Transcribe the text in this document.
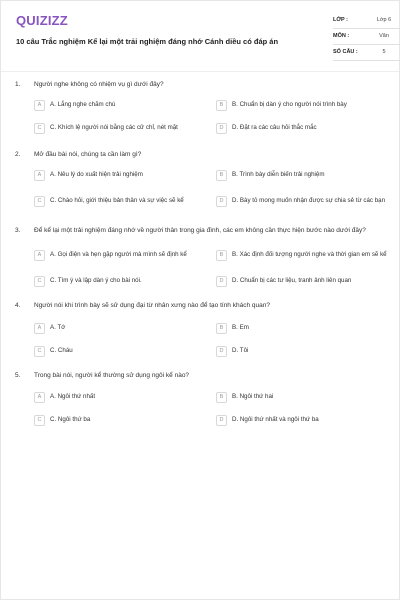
QUIZIZZ
10 câu Trắc nghiệm Kể lại một trải nghiệm đáng nhớ Cánh diều có đáp án
LỚP :	Lớp 6
MÔN :	Văn
SỐ CÂU :	5
1. Người nghe không có nhiệm vụ gì dưới đây?
A	A. Lắng nghe chăm chú	B	B. Chuẩn bị dàn ý cho người nói trình bày
C	C. Khích lệ người nói bằng các cử chỉ, nét mặt	D	D. Đặt ra các câu hỏi thắc mắc
2. Mở đầu bài nói, chúng ta cần làm gì?
A	A. Nêu lý do xuất hiện trải nghiệm	B	B. Trình bày diễn biến trải nghiệm
C	C. Chào hỏi, giới thiệu bản thân và sự việc sẽ kể	D	D. Bày tỏ mong muốn nhận được sự chia sẻ từ các bạn
3. Để kể lại một trải nghiệm đáng nhớ về người thân trong gia đình, các em không cần thực hiện bước nào dưới đây?
A	A. Gọi điện và hẹn gặp người mà mình sẽ định kể	B	B. Xác định đối tượng người nghe và thời gian em sẽ kể
C	C. Tìm ý và lập dàn ý cho bài nói.	D	D. Chuẩn bị các tư liệu, tranh ảnh liên quan
4. Người nói khi trình bày sẽ sử dụng đại từ nhân xưng nào để tạo tính khách quan?
A	A. Tớ	B	B. Em
C	C. Cháu	D	D. Tôi
5. Trong bài nói, người kể thường sử dụng ngôi kể nào?
A	A. Ngôi thứ nhất	B	B. Ngôi thứ hai
C	C. Ngôi thứ ba	D	D. Ngôi thứ nhất và ngôi thứ ba
